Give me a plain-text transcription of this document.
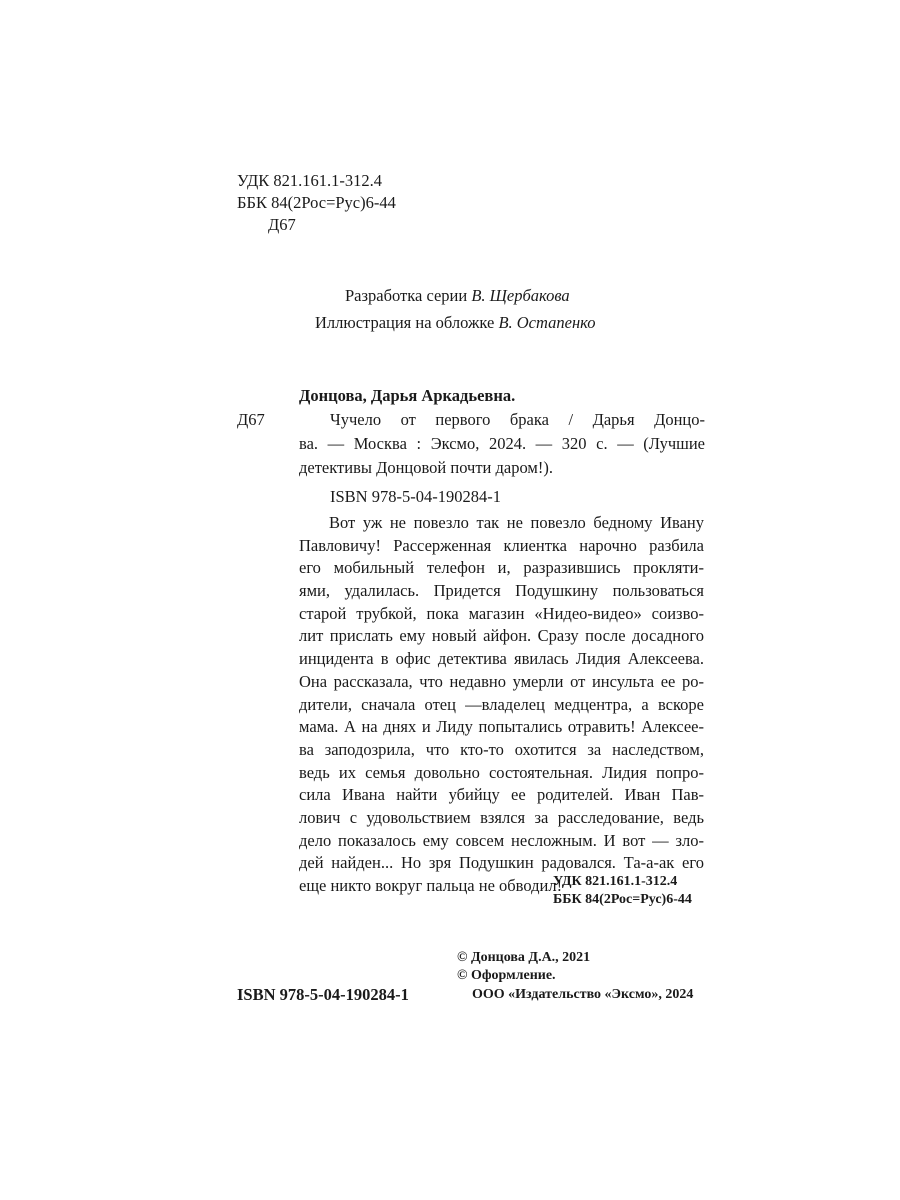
УДК 821.161.1-312.4
ББК 84(2Рос=Рус)6-44
Д67
Разработка серии В. Щербакова
Иллюстрация на обложке В. Остапенко
Донцова, Дарья Аркадьевна.
Д67	Чучело от первого брака / Дарья Донцо-
ва. — Москва : Эксмо, 2024. — 320 с. — (Лучшие
детективы Донцовой почти даром!).
ISBN 978-5-04-190284-1
Вот уж не повезло так не повезло бедному Ивану
Павловичу! Рассерженная клиентка нарочно разбила
его мобильный телефон и, разразившись прокляти-
ями, удалилась. Придется Подушкину пользоваться
старой трубкой, пока магазин «Нидео-видео» соизво-
лит прислать ему новый айфон. Сразу после досадного
инцидента в офис детектива явилась Лидия Алексеева.
Она рассказала, что недавно умерли от инсульта ее ро-
дители, сначала отец —владелец медцентра, а вскоре
мама. А на днях и Лиду попытались отравить! Алексее-
ва заподозрила, что кто-то охотится за наследством,
ведь их семья довольно состоятельная. Лидия попро-
сила Ивана найти убийцу ее родителей. Иван Пав-
лович с удовольствием взялся за расследование, ведь
дело показалось ему совсем несложным. И вот — зло-
дей найден... Но зря Подушкин радовался. Та-а-ак его
еще никто вокруг пальца не обводил!
УДК 821.161.1-312.4
ББК 84(2Рос=Рус)6-44
© Донцова Д.А., 2021
© Оформление.
ООО «Издательство «Эксмо», 2024
ISBN 978-5-04-190284-1
